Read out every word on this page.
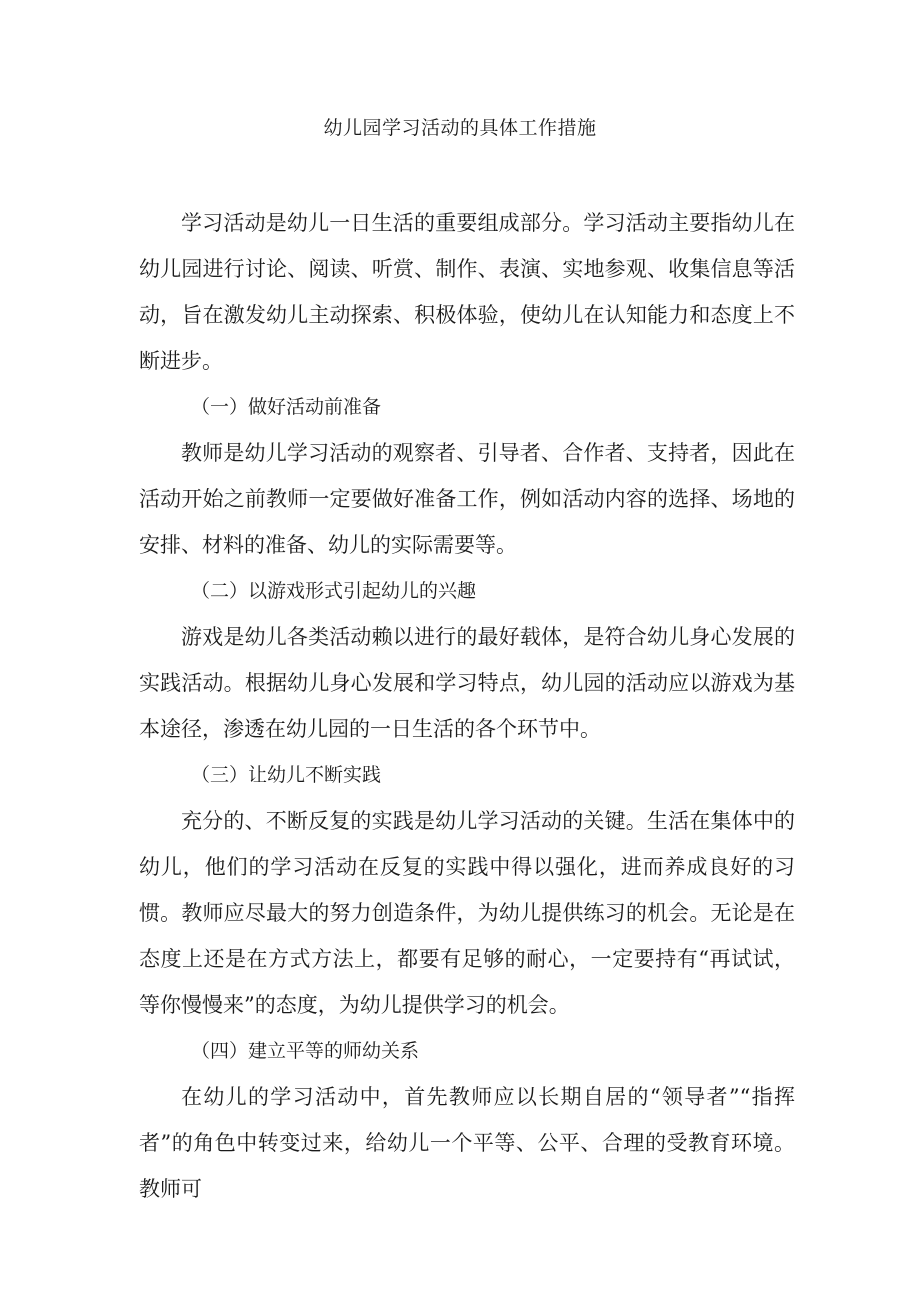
幼儿园学习活动的具体工作措施

学习活动是幼儿一日生活的重要组成部分。学习活动主要指幼儿在幼儿园进行讨论、阅读、听赏、制作、表演、实地参观、收集信息等活动，旨在激发幼儿主动探索、积极体验，使幼儿在认知能力和态度上不断进步。

（一）做好活动前准备

教师是幼儿学习活动的观察者、引导者、合作者、支持者，因此在活动开始之前教师一定要做好准备工作，例如活动内容的选择、场地的安排、材料的准备、幼儿的实际需要等。

（二）以游戏形式引起幼儿的兴趣

游戏是幼儿各类活动赖以进行的最好载体，是符合幼儿身心发展的实践活动。根据幼儿身心发展和学习特点，幼儿园的活动应以游戏为基本途径，渗透在幼儿园的一日生活的各个环节中。

（三）让幼儿不断实践

充分的、不断反复的实践是幼儿学习活动的关键。生活在集体中的幼儿，他们的学习活动在反复的实践中得以强化，进而养成良好的习惯。教师应尽最大的努力创造条件，为幼儿提供练习的机会。无论是在态度上还是在方式方法上，都要有足够的耐心，一定要持有“再试试，等你慢慢来”的态度，为幼儿提供学习的机会。

（四）建立平等的师幼关系

在幼儿的学习活动中，首先教师应以长期自居的“领导者”“指挥者”的角色中转变过来，给幼儿一个平等、公平、合理的受教育环境。教师可
